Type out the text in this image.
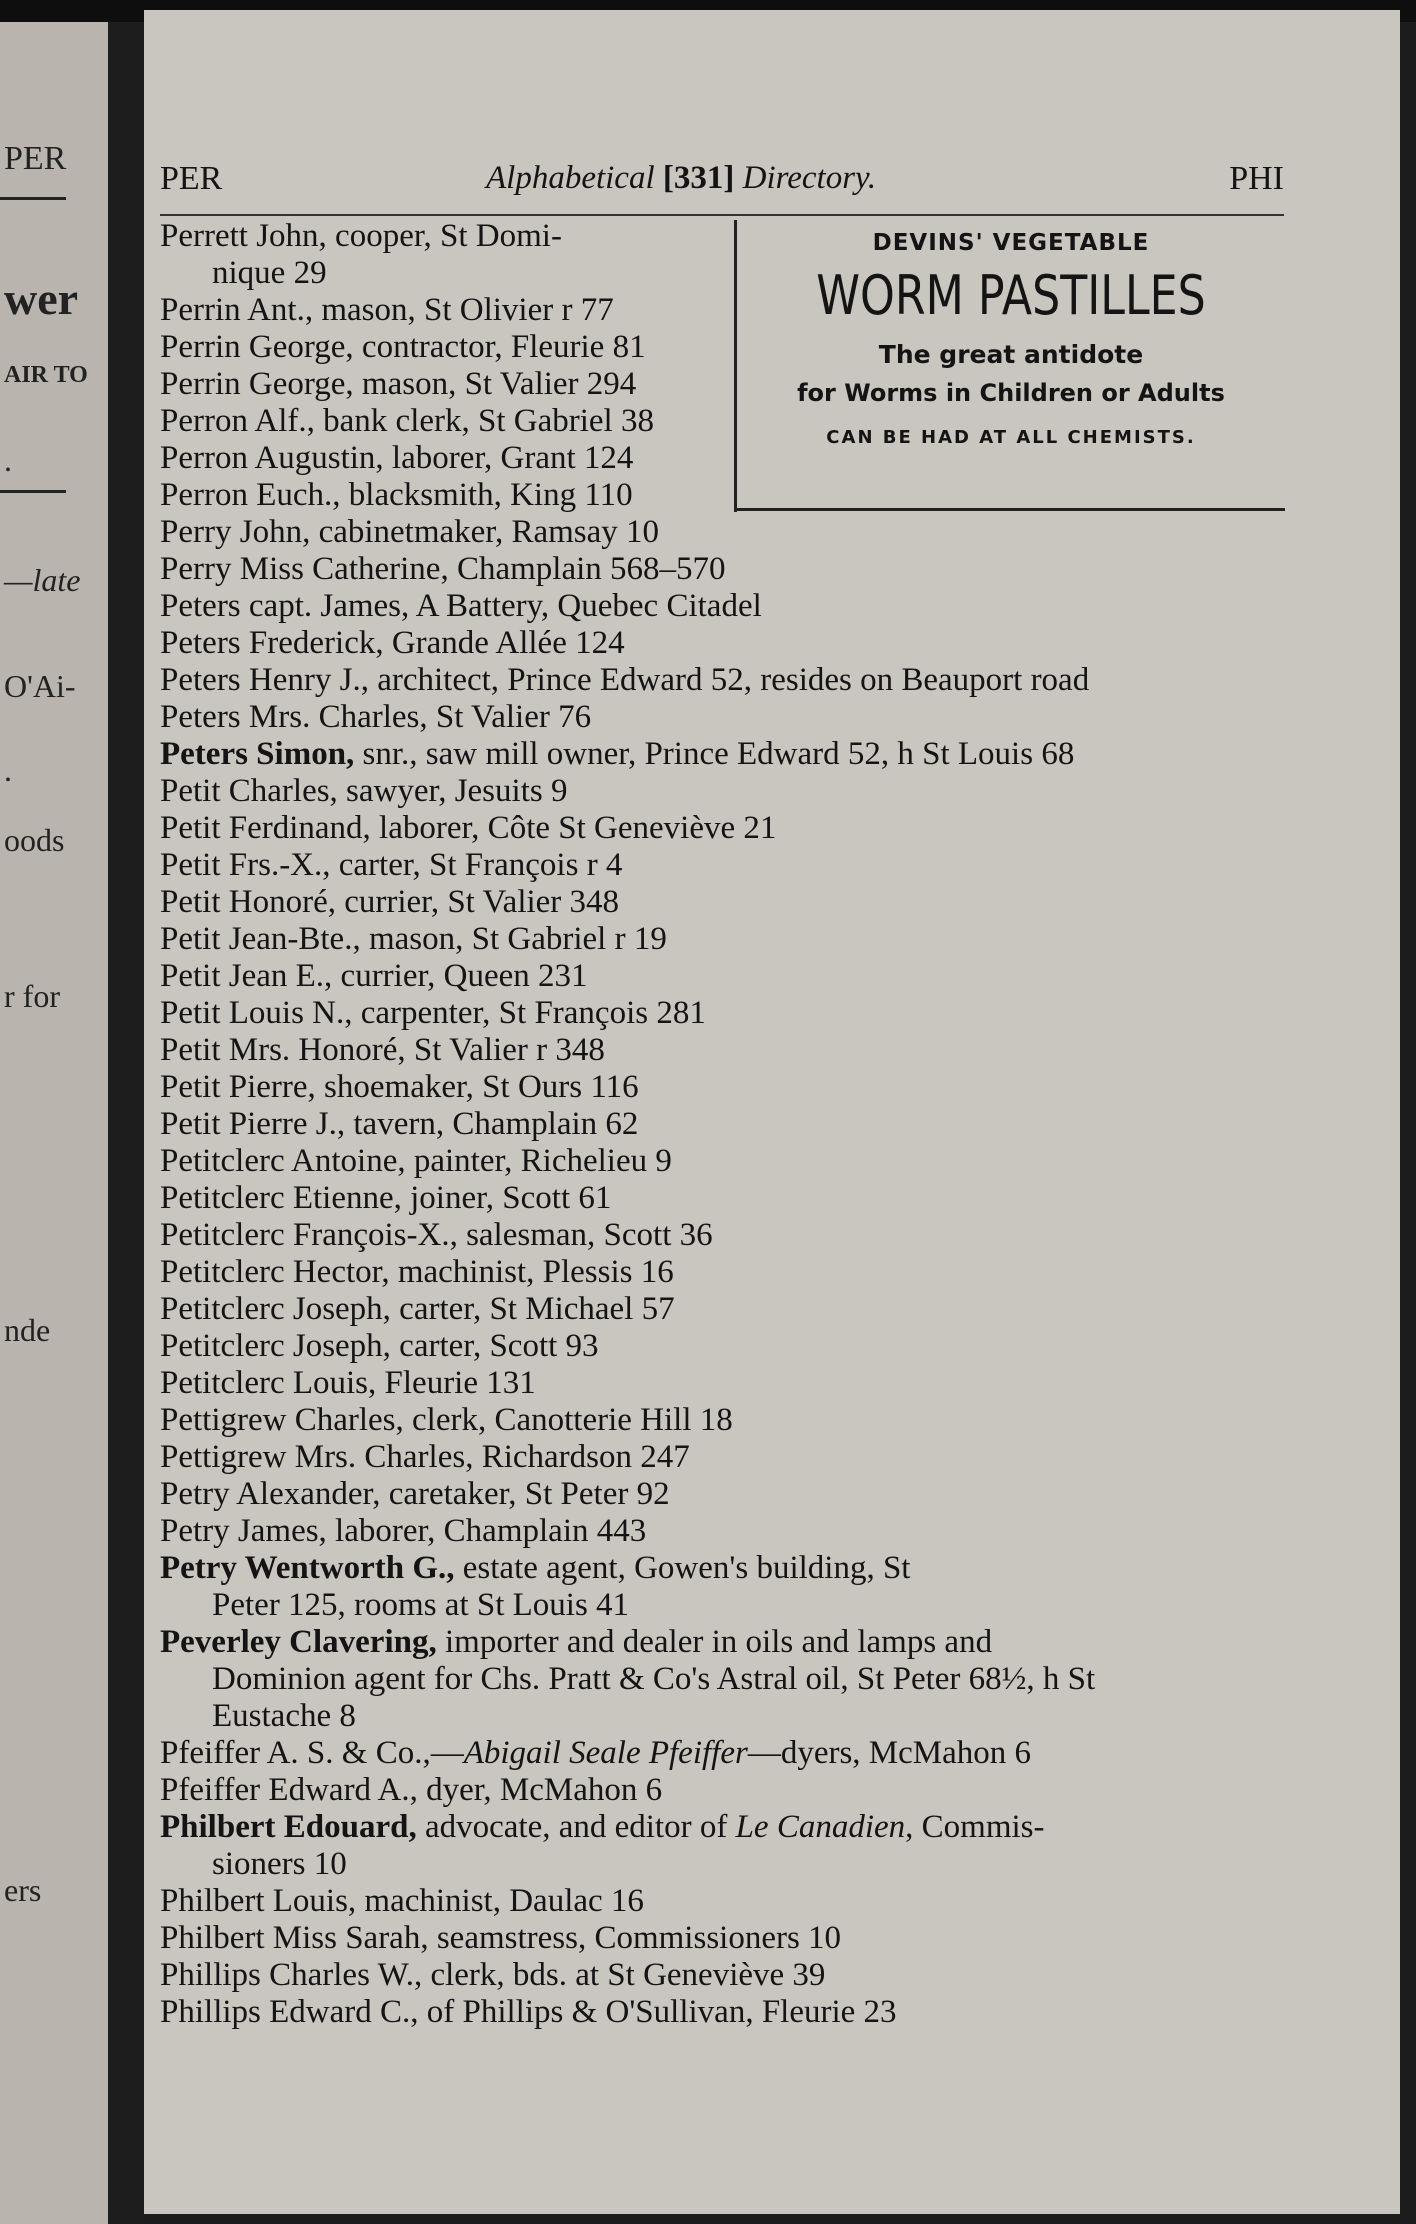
PER
wer
AIR TO
.
—late
O'Ai-
.
oods
r for
nde
ers
PER	Alphabetical [331] Directory.	PHI
DEVINS' VEGETABLE
WORM PASTILLES
The great antidote
for Worms in Children or Adults
CAN BE HAD AT ALL CHEMISTS.
Perrett John, cooper, St Domi-
nique 29
Perrin Ant., mason, St Olivier r 77
Perrin George, contractor, Fleurie 81
Perrin George, mason, St Valier 294
Perron Alf., bank clerk, St Gabriel 38
Perron Augustin, laborer, Grant 124
Perron Euch., blacksmith, King 110
Perry John, cabinetmaker, Ramsay 10
Perry Miss Catherine, Champlain 568–570
Peters capt. James, A Battery, Quebec Citadel
Peters Frederick, Grande Allée 124
Peters Henry J., architect, Prince Edward 52, resides on Beauport road
Peters Mrs. Charles, St Valier 76
Peters Simon, snr., saw mill owner, Prince Edward 52, h St Louis 68
Petit Charles, sawyer, Jesuits 9
Petit Ferdinand, laborer, Côte St Geneviève 21
Petit Frs.-X., carter, St François r 4
Petit Honoré, currier, St Valier 348
Petit Jean-Bte., mason, St Gabriel r 19
Petit Jean E., currier, Queen 231
Petit Louis N., carpenter, St François 281
Petit Mrs. Honoré, St Valier r 348
Petit Pierre, shoemaker, St Ours 116
Petit Pierre J., tavern, Champlain 62
Petitclerc Antoine, painter, Richelieu 9
Petitclerc Etienne, joiner, Scott 61
Petitclerc François-X., salesman, Scott 36
Petitclerc Hector, machinist, Plessis 16
Petitclerc Joseph, carter, St Michael 57
Petitclerc Joseph, carter, Scott 93
Petitclerc Louis, Fleurie 131
Pettigrew Charles, clerk, Canotterie Hill 18
Pettigrew Mrs. Charles, Richardson 247
Petry Alexander, caretaker, St Peter 92
Petry James, laborer, Champlain 443
Petry Wentworth G., estate agent, Gowen's building, St
Peter 125, rooms at St Louis 41
Peverley Clavering, importer and dealer in oils and lamps and
Dominion agent for Chs. Pratt & Co's Astral oil, St Peter 68½, h St
Eustache 8
Pfeiffer A. S. & Co.,—Abigail Seale Pfeiffer—dyers, McMahon 6
Pfeiffer Edward A., dyer, McMahon 6
Philbert Edouard, advocate, and editor of Le Canadien, Commis-
sioners 10
Philbert Louis, machinist, Daulac 16
Philbert Miss Sarah, seamstress, Commissioners 10
Phillips Charles W., clerk, bds. at St Geneviève 39
Phillips Edward C., of Phillips & O'Sullivan, Fleurie 23
